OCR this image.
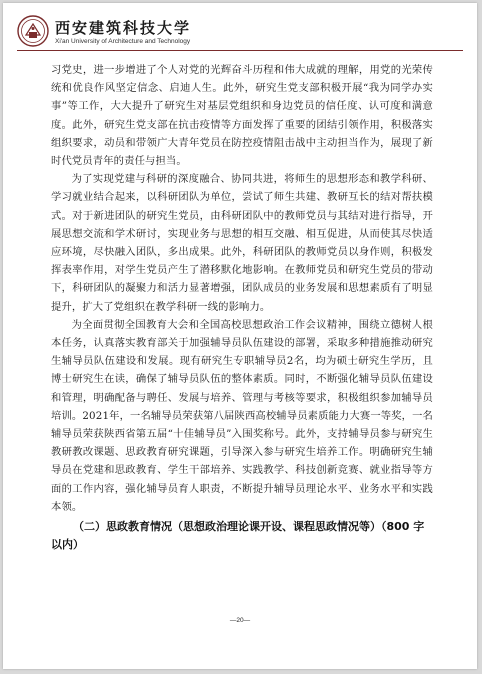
西安建筑科技大学
Xi'an University of Architecture and Technology

习党史，进一步增进了个人对党的光辉奋斗历程和伟大成就的理解，用党的光荣传统和优良作风坚定信念、启迪人生。此外，研究生党支部积极开展“我为同学办实事”等工作，大大提升了研究生对基层党组织和身边党员的信任度、认可度和满意度。此外，研究生党支部在抗击疫情等方面发挥了重要的团结引领作用，积极落实组织要求，动员和带领广大青年党员在防控疫情阻击战中主动担当作为，展现了新时代党员青年的责任与担当。

为了实现党建与科研的深度融合、协同共进，将师生的思想形态和教学科研、学习就业结合起来，以科研团队为单位，尝试了师生共建、教研互长的结对帮扶模式。对于新进团队的研究生党员，由科研团队中的教师党员与其结对进行指导，开展思想交流和学术研讨，实现业务与思想的相互交融、相互促进，从而使其尽快适应环境，尽快融入团队，多出成果。此外，科研团队的教师党员以身作则，积极发挥表率作用，对学生党员产生了潜移默化地影响。在教师党员和研究生党员的带动下，科研团队的凝聚力和活力显著增强，团队成员的业务发展和思想素质有了明显提升，扩大了党组织在教学科研一线的影响力。

为全面贯彻全国教育大会和全国高校思想政治工作会议精神，围绕立德树人根本任务，认真落实教育部关于加强辅导员队伍建设的部署，采取多种措施推动研究生辅导员队伍建设和发展。现有研究生专职辅导员2名，均为硕士研究生学历，且博士研究生在读，确保了辅导员队伍的整体素质。同时，不断强化辅导员队伍建设和管理，明确配备与聘任、发展与培养、管理与考核等要求，积极组织参加辅导员培训。2021年，一名辅导员荣获第八届陕西高校辅导员素质能力大赛一等奖，一名辅导员荣获陕西省第五届“十佳辅导员”入围奖称号。此外，支持辅导员参与研究生教研教改课题、思政教育研究课题，引导深入参与研究生培养工作。明确研究生辅导员在党建和思政教育、学生干部培养、实践教学、科技创新竞赛、就业指导等方面的工作内容，强化辅导员育人职责，不断提升辅导员理论水平、业务水平和实践本领。

（二）思政教育情况（思想政治理论课开设、课程思政情况等）（800 字以内）

—20—
